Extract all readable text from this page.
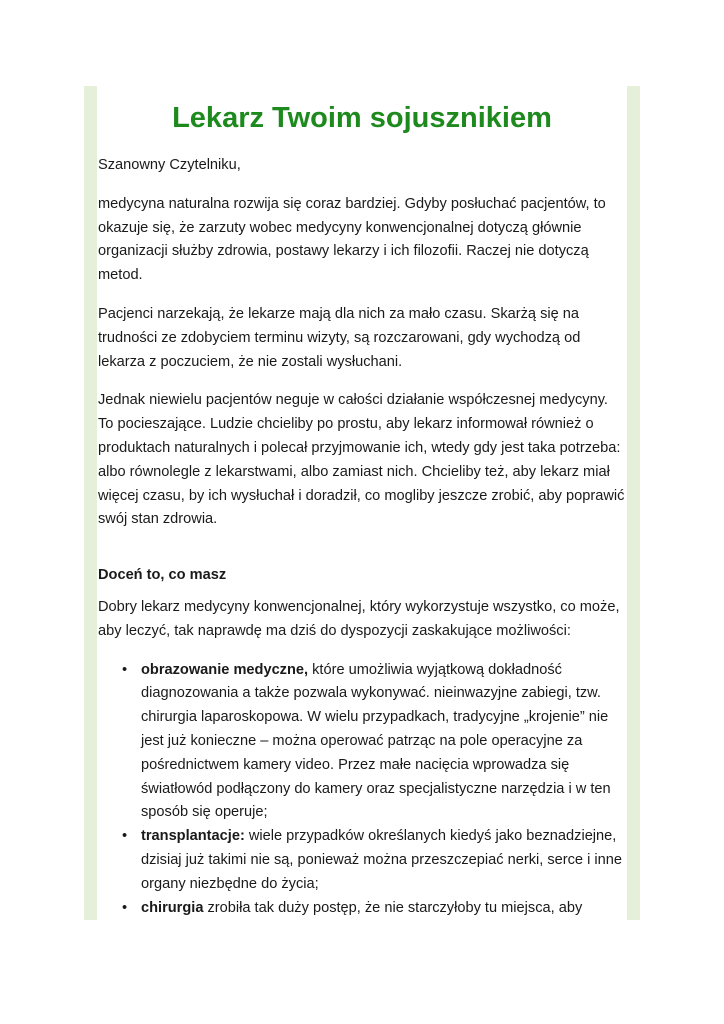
Lekarz Twoim sojusznikiem

Szanowny Czytelniku,

medycyna naturalna rozwija się coraz bardziej. Gdyby posłuchać pacjentów, to okazuje się, że zarzuty wobec medycyny konwencjonalnej dotyczą głównie organizacji służby zdrowia, postawy lekarzy i ich filozofii. Raczej nie dotyczą metod.

Pacjenci narzekają, że lekarze mają dla nich za mało czasu. Skarżą się na trudności ze zdobyciem terminu wizyty, są rozczarowani, gdy wychodzą od lekarza z poczuciem, że nie zostali wysłuchani.

Jednak niewielu pacjentów neguje w całości działanie współczesnej medycyny. To pocieszające. Ludzie chcieliby po prostu, aby lekarz informował również o produktach naturalnych i polecał przyjmowanie ich, wtedy gdy jest taka potrzeba: albo równolegle z lekarstwami, albo zamiast nich. Chcieliby też, aby lekarz miał więcej czasu, by ich wysłuchał i doradził, co mogliby jeszcze zrobić, aby poprawić swój stan zdrowia.

Doceń to, co masz

Dobry lekarz medycyny konwencjonalnej, który wykorzystuje wszystko, co może, aby leczyć, tak naprawdę ma dziś do dyspozycji zaskakujące możliwości:

• obrazowanie medyczne, które umożliwia wyjątkową dokładność diagnozowania a także pozwala wykonywać. nieinwazyjne zabiegi, tzw. chirurgia laparoskopowa. W wielu przypadkach, tradycyjne „krojenie” nie jest już konieczne – można operować patrząc na pole operacyjne za pośrednictwem kamery video. Przez małe nacięcia wprowadza się światłowód podłączony do kamery oraz specjalistyczne narzędzia i w ten sposób się operuje;
• transplantacje: wiele przypadków określanych kiedyś jako beznadziejne, dzisiaj już takimi nie są, ponieważ można przeszczepiać nerki, serce i inne organy niezbędne do życia;
• chirurgia zrobiła tak duży postęp, że nie starczyłoby tu miejsca, aby
